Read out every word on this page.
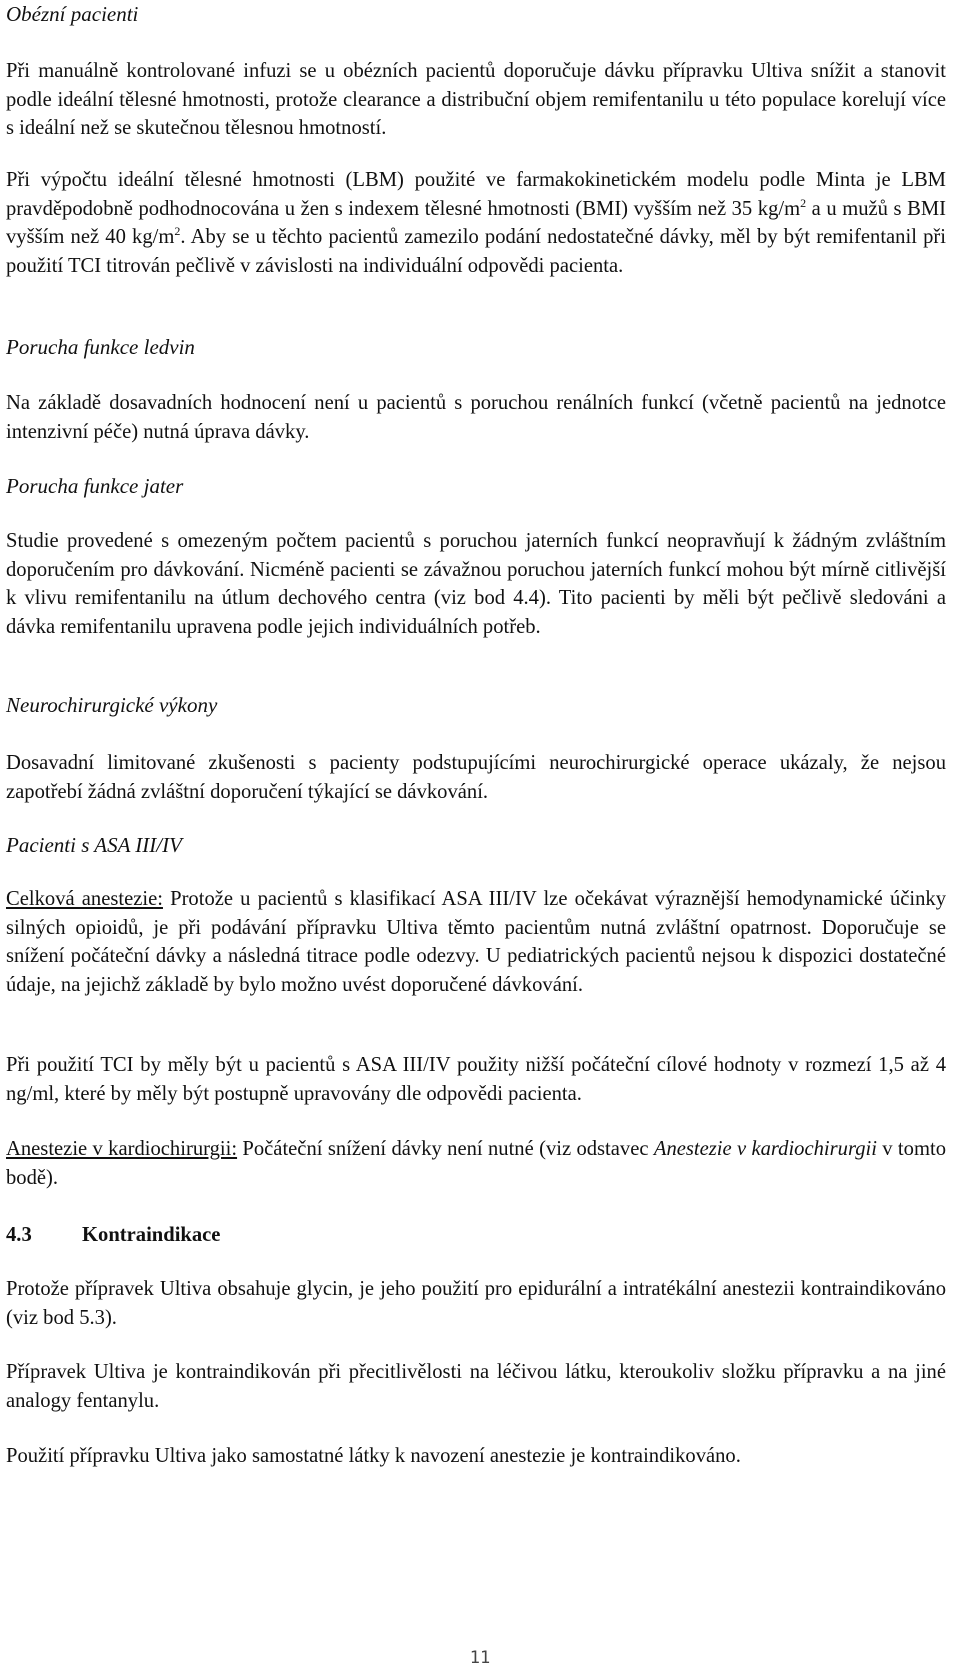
Obézní pacienti

Při manuálně kontrolované infuzi se u obézních pacientů doporučuje dávku přípravku Ultiva snížit a stanovit podle ideální tělesné hmotnosti, protože clearance a distribuční objem remifentanilu u této populace korelují více s ideální než se skutečnou tělesnou hmotností.

Při výpočtu ideální tělesné hmotnosti (LBM) použité ve farmakokinetickém modelu podle Minta je LBM pravděpodobně podhodnocována u žen s indexem tělesné hmotnosti (BMI) vyšším než 35 $kg/m^2$ a u mužů s BMI vyšším než 40 $kg/m^2$. Aby se u těchto pacientů zamezilo podání nedostatečné dávky, měl by být remifentanil při použití TCI titrován pečlivě v závislosti na individuální odpovědi pacienta.

Porucha funkce ledvin

Na základě dosavadních hodnocení není u pacientů s poruchou renálních funkcí (včetně pacientů na jednotce intenzivní péče) nutná úprava dávky.

Porucha funkce jater

Studie provedené s omezeným počtem pacientů s poruchou jaterních funkcí neopravňují k žádným zvláštním doporučením pro dávkování. Nicméně pacienti se závažnou poruchou jaterních funkcí mohou být mírně citlivější k vlivu remifentanilu na útlum dechového centra (viz bod 4.4). Tito pacienti by měli být pečlivě sledováni a dávka remifentanilu upravena podle jejich individuálních potřeb.

Neurochirurgické výkony

Dosavadní limitované zkušenosti s pacienty podstupujícími neurochirurgické operace ukázaly, že nejsou zapotřebí žádná zvláštní doporučení týkající se dávkování.

Pacienti s ASA III/IV

Celková anestezie: Protože u pacientů s klasifikací ASA III/IV lze očekávat výraznější hemodynamické účinky silných opioidů, je při podávání přípravku Ultiva těmto pacientům nutná zvláštní opatrnost. Doporučuje se snížení počáteční dávky a následná titrace podle odezvy. U pediatrických pacientů nejsou k dispozici dostatečné údaje, na jejichž základě by bylo možno uvést doporučené dávkování.

Při použití TCI by měly být u pacientů s ASA III/IV použity nižší počáteční cílové hodnoty v rozmezí 1,5 až 4 ng/ml, které by měly být postupně upravovány dle odpovědi pacienta.

Anestezie v kardiochirurgii: Počáteční snížení dávky není nutné (viz odstavec Anestezie v kardiochirurgii v tomto bodě).

4.3 Kontraindikace

Protože přípravek Ultiva obsahuje glycin, je jeho použití pro epidurální a intratékální anestezii kontraindikováno (viz bod 5.3).

Přípravek Ultiva je kontraindikován při přecitlivělosti na léčivou látku, kteroukoliv složku přípravku a na jiné analogy fentanylu.

Použití přípravku Ultiva jako samostatné látky k navození anestezie je kontraindikováno.

11
